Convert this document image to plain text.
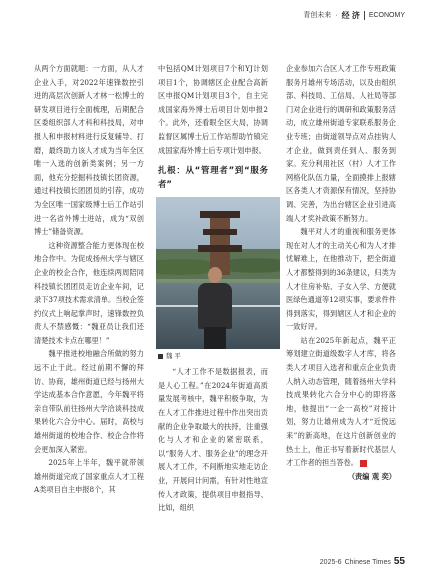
青创未来 · 经 济 ECONOMY

从两个方面就题：一方面，从人才企业入手，对2022年速锋数控引进的高层次创新人才林一松博士的研发项目进行全面梳理，后期配合区委组织部人才科和科技局，对申报人和申报材料进行反复辅导、打磨，最终助力该人才成为当年全区唯一入选的创新类案例；另一方面，他充分挖掘科技镇长团资源，通过科技镇长团团员的引荐，成功为全区唯一国家级博士后工作站引进一名省外博士进站，成为“双创博士”储备资源。

这种资源整合能力更体现在校地合作中。为促成扬州大学与辖区企业的校企合作，他连续两周陪同科技镇长团团员走访企业车间，记录下37项技术需求清单。当校企签约仪式上响起掌声时，速锋数控负责人不禁感慨：“魏亚员让我们还清楚技术卡点在哪里！”

魏平推进校地融合所做的努力远不止于此。经过前期不懈的拜访、协商，雄州街道已经与扬州大学达成基本合作意愿，今年魏平将亲自带队前往扬州大学洽谈科技成果转化六合分中心。届时，高校与雄州街道的校地合作、校企合作将会更加深入紧密。

2025年上半年，魏平就带领雄州街道完成了国家重点人才工程A类项目自主申报8个，其

中包括QM计划项目7个和YJ计划项目1个，协调辖区企业配合高新区申报QM计划项目3个，自主完成国家海外博士后项目计划申报2个。此外，还看眼全区大局，协调监督区属博士后工作站帮助竹镇完成国家海外博士后专项计划申报。

扎根：从“管理者”到“服务者”
魏 平

“人才工作不是数据报表，而是人心工程。”在2024年街道高质量发展考核中，魏平积极争取，为在人才工作推进过程中作出突出贡献的企业争取最大的扶持，注重强化与人才和企业的紧密联系，以“服务人才、服务企业”的理念开展人才工作，不间断地实地走访企业，开展问计问需，有针对性地宣传人才政策，提供项目申报指导、比如，组织

企业参加六合区人才工作专班政策服务月雄州专场活动，以及由组织部、科技局、工信局、人社局等部门对企业进行的调研和政策服务活动，成立雄州街道专家联系服务企业专班；由街道领导点对点挂钩人才企业，做到责任到人、服务到家。充分利用社区（村）人才工作网格化队伍力量，全面摸排上报辖区各类人才资源保有情况，坚持协调、完善，为出台辖区企业引进高端人才奖补政策不断努力。

魏平对人才的重视和服务更体现在对人才的主动关心和为人才排忧解难上，在他推动下，把全街道人才都整得到的36条建议，归类为人才住房补贴、子女入学、方便就医绿色通道等12项实事，要求件件得到落实，得到辖区人才和企业的一致好评。

站在2025年新起点，魏平正筹划建立街道级数字人才库，将各类人才项目入选者和重点企业负责人纳入动态管理，随着扬州大学科技成果转化六合分中心的即将落地，他提出“一企一高校”对接计划，努力让雄州成为人才“近悦远来”的新高地，在这片创新创业的热土上，他正书写着新时代基层人才工作者的担当答卷。

（责编 观 奕）

2025-6 Chinese Times 55
